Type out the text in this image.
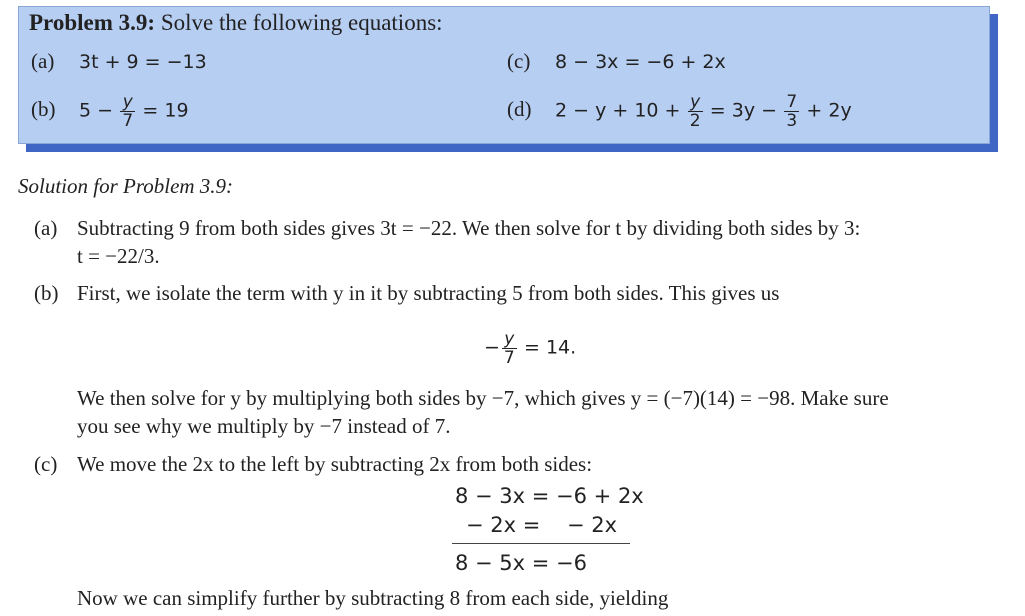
Problem 3.9: Solve the following equations:
(a) 3t + 9 = −13
(b) $5 - \frac{y}{7} = 19$
(c) 8 − 3x = −6 + 2x
(d) $2 - y + 10 + \frac{y}{2} = 3y - \frac{7}{3} + 2y$
Solution for Problem 3.9:
(a) Subtracting 9 from both sides gives 3t = −22. We then solve for t by dividing both sides by 3:
t = −22/3.
(b) First, we isolate the term with y in it by subtracting 5 from both sides. This gives us
− $\frac{y}{7} = 14$.
We then solve for y by multiplying both sides by −7, which gives y = (−7)(14) = −98. Make sure
you see why we multiply by −7 instead of 7.
(c) We move the 2x to the left by subtracting 2x from both sides:
8 − 3x = −6 + 2x
− 2x =    − 2x
8 − 5x = −6
Now we can simplify further by subtracting 8 from each side, yielding
